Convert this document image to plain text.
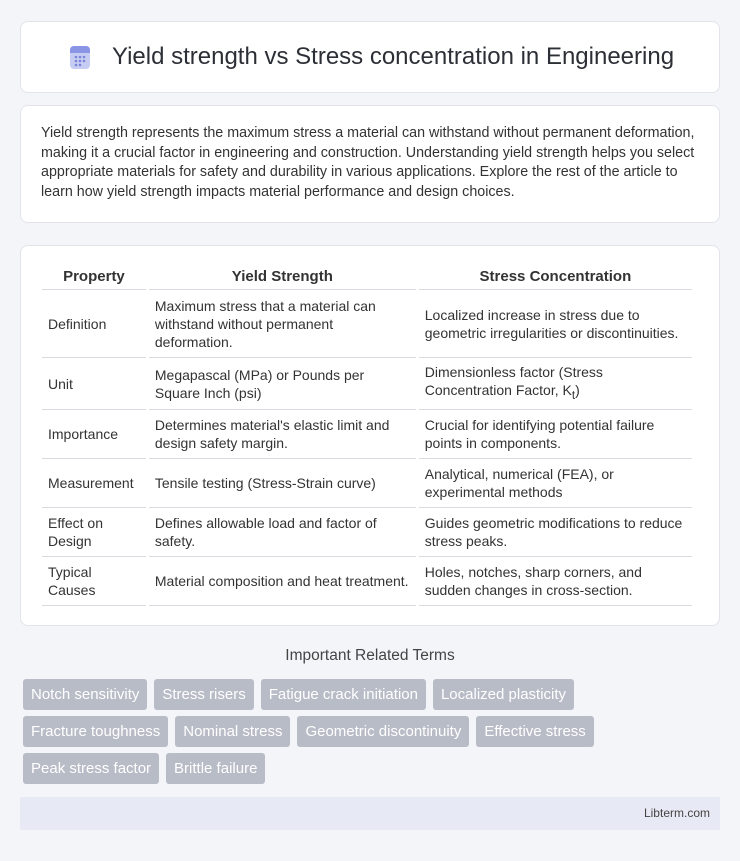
Yield strength vs Stress concentration in Engineering

Yield strength represents the maximum stress a material can withstand without permanent deformation, making it a crucial factor in engineering and construction. Understanding yield strength helps you select appropriate materials for safety and durability in various applications. Explore the rest of the article to learn how yield strength impacts material performance and design choices.

Property	Yield Strength	Stress Concentration
Definition	Maximum stress that a material can withstand without permanent deformation.	Localized increase in stress due to geometric irregularities or discontinuities.
Unit	Megapascal (MPa) or Pounds per Square Inch (psi)	Dimensionless factor (Stress Concentration Factor, $K_t$)
Importance	Determines material's elastic limit and design safety margin.	Crucial for identifying potential failure points in components.
Measurement	Tensile testing (Stress-Strain curve)	Analytical, numerical (FEA), or experimental methods
Effect on Design	Defines allowable load and factor of safety.	Guides geometric modifications to reduce stress peaks.
Typical Causes	Material composition and heat treatment.	Holes, notches, sharp corners, and sudden changes in cross-section.
Important Related Terms
Notch sensitivity	Stress risers	Fatigue crack initiation	Localized plasticity
Fracture toughness	Nominal stress	Geometric discontinuity	Effective stress
Peak stress factor	Brittle failure
Libterm.com
